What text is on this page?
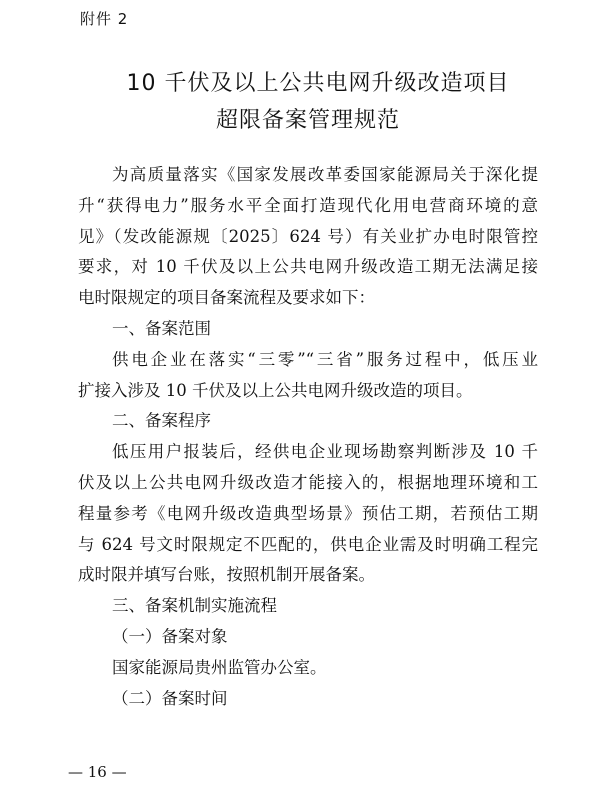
附件 2
10 千伏及以上公共电网升级改造项目
超限备案管理规范
为高质量落实《国家发展改革委国家能源局关于深化提
升“获得电力”服务水平全面打造现代化用电营商环境的意
见》（发改能源规〔2025〕624 号）有关业扩办电时限管控
要求，对 10 千伏及以上公共电网升级改造工期无法满足接
电时限规定的项目备案流程及要求如下：
一、备案范围
供电企业在落实“三零”“三省”服务过程中，低压业
扩接入涉及 10 千伏及以上公共电网升级改造的项目。
二、备案程序
低压用户报装后，经供电企业现场勘察判断涉及 10 千
伏及以上公共电网升级改造才能接入的，根据地理环境和工
程量参考《电网升级改造典型场景》预估工期，若预估工期
与 624 号文时限规定不匹配的，供电企业需及时明确工程完
成时限并填写台账，按照机制开展备案。
三、备案机制实施流程
（一）备案对象
国家能源局贵州监管办公室。
（二）备案时间
— 16 —
